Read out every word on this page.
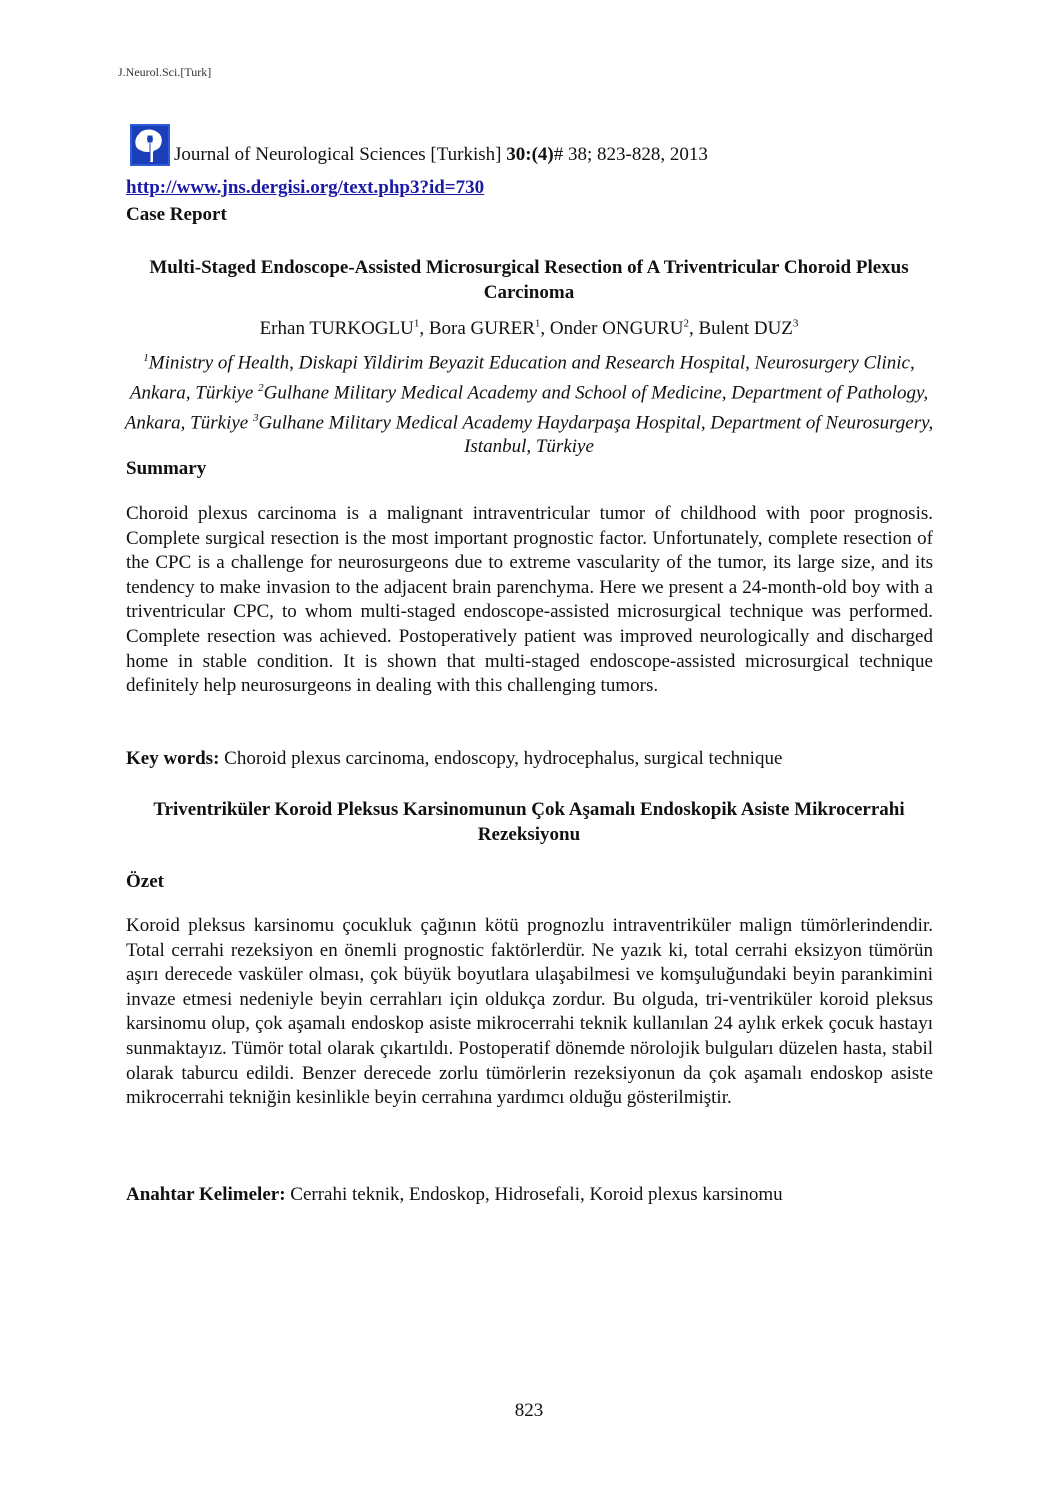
J.Neurol.Sci.[Turk]
Journal of Neurological Sciences [Turkish] 30:(4)# 38; 823-828, 2013
http://www.jns.dergisi.org/text.php3?id=730
Case Report
Multi-Staged Endoscope-Assisted Microsurgical Resection of A Triventricular Choroid Plexus Carcinoma
Erhan TURKOGLU$^1$, Bora GURER$^1$, Onder ONGURU$^2$, Bulent DUZ$^3$
$^1$Ministry of Health, Diskapi Yildirim Beyazit Education and Research Hospital, Neurosurgery Clinic, Ankara, Türkiye $^2$Gulhane Military Medical Academy and School of Medicine, Department of Pathology, Ankara, Türkiye $^3$Gulhane Military Medical Academy Haydarpaşa Hospital, Department of Neurosurgery, Istanbul, Türkiye
Summary
Choroid plexus carcinoma is a malignant intraventricular tumor of childhood with poor prognosis. Complete surgical resection is the most important prognostic factor. Unfortunately, complete resection of the CPC is a challenge for neurosurgeons due to extreme vascularity of the tumor, its large size, and its tendency to make invasion to the adjacent brain parenchyma. Here we present a 24-month-old boy with a triventricular CPC, to whom multi-staged endoscope-assisted microsurgical technique was performed. Complete resection was achieved. Postoperatively patient was improved neurologically and discharged home in stable condition. It is shown that multi-staged endoscope-assisted microsurgical technique definitely help neurosurgeons in dealing with this challenging tumors.
Key words: Choroid plexus carcinoma, endoscopy, hydrocephalus, surgical technique
Triventriküler Koroid Pleksus Karsinomunun Çok Aşamalı Endoskopik Asiste Mikrocerrahi Rezeksiyonu
Özet
Koroid pleksus karsinomu çocukluk çağının kötü prognozlu intraventriküler malign tümörlerindendir. Total cerrahi rezeksiyon en önemli prognostic faktörlerdür. Ne yazık ki, total cerrahi eksizyon tümörün aşırı derecede vasküler olması, çok büyük boyutlara ulaşabilmesi ve komşuluğundaki beyin parankimini invaze etmesi nedeniyle beyin cerrahları için oldukça zordur. Bu olguda, tri-ventriküler koroid pleksus karsinomu olup, çok aşamalı endoskop asiste mikrocerrahi teknik kullanılan 24 aylık erkek çocuk hastayı sunmaktayız. Tümör total olarak çıkartıldı. Postoperatif dönemde nörolojik bulguları düzelen hasta, stabil olarak taburcu edildi. Benzer derecede zorlu tümörlerin rezeksiyonun da çok aşamalı endoskop asiste mikrocerrahi tekniğin kesinlikle beyin cerrahına yardımcı olduğu gösterilmiştir.
Anahtar Kelimeler: Cerrahi teknik, Endoskop, Hidrosefali, Koroid plexus karsinomu
823
